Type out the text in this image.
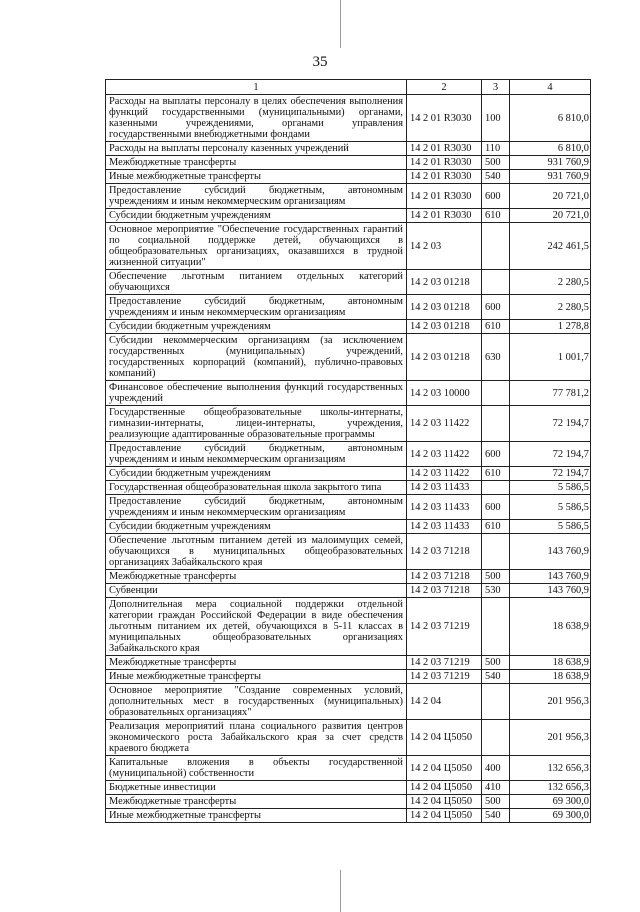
35
1	2	3	4
Расходы на выплаты персоналу в целях обеспечения выполнения функций государственными (муниципальными) органами, казенными учреждениями, органами управления государственными внебюджетными фондами	14 2 01 R3030	100	6 810,0
Расходы на выплаты персоналу казенных учреждений	14 2 01 R3030	110	6 810,0
Межбюджетные трансферты	14 2 01 R3030	500	931 760,9
Иные межбюджетные трансферты	14 2 01 R3030	540	931 760,9
Предоставление субсидий бюджетным, автономным учреждениям и иным некоммерческим организациям	14 2 01 R3030	600	20 721,0
Субсидии бюджетным учреждениям	14 2 01 R3030	610	20 721,0
Основное мероприятие "Обеспечение государственных гарантий по социальной поддержке детей, обучающихся в общеобразовательных организациях, оказавшихся в трудной жизненной ситуации"	14 2 03		242 461,5
Обеспечение льготным питанием отдельных категорий обучающихся	14 2 03 01218		2 280,5
Предоставление субсидий бюджетным, автономным учреждениям и иным некоммерческим организациям	14 2 03 01218	600	2 280,5
Субсидии бюджетным учреждениям	14 2 03 01218	610	1 278,8
Субсидии некоммерческим организациям (за исключением государственных (муниципальных) учреждений, государственных корпораций (компаний), публично-правовых компаний)	14 2 03 01218	630	1 001,7
Финансовое обеспечение выполнения функций государственных учреждений	14 2 03 10000		77 781,2
Государственные общеобразовательные школы-интернаты, гимназии-интернаты, лицеи-интернаты, учреждения, реализующие адаптированные образовательные программы	14 2 03 11422		72 194,7
Предоставление субсидий бюджетным, автономным учреждениям и иным некоммерческим организациям	14 2 03 11422	600	72 194,7
Субсидии бюджетным учреждениям	14 2 03 11422	610	72 194,7
Государственная общеобразовательная школа закрытого типа	14 2 03 11433		5 586,5
Предоставление субсидий бюджетным, автономным учреждениям и иным некоммерческим организациям	14 2 03 11433	600	5 586,5
Субсидии бюджетным учреждениям	14 2 03 11433	610	5 586,5
Обеспечение льготным питанием детей из малоимущих семей, обучающихся в муниципальных общеобразовательных организациях Забайкальского края	14 2 03 71218		143 760,9
Межбюджетные трансферты	14 2 03 71218	500	143 760,9
Субвенции	14 2 03 71218	530	143 760,9
Дополнительная мера социальной поддержки отдельной категории граждан Российской Федерации в виде обеспечения льготным питанием их детей, обучающихся в 5-11 классах в муниципальных общеобразовательных организациях Забайкальского края	14 2 03 71219		18 638,9
Межбюджетные трансферты	14 2 03 71219	500	18 638,9
Иные межбюджетные трансферты	14 2 03 71219	540	18 638,9
Основное мероприятие "Создание современных условий, дополнительных мест в государственных (муниципальных) образовательных организациях"	14 2 04		201 956,3
Реализация мероприятий плана социального развития центров экономического роста Забайкальского края за счет средств краевого бюджета	14 2 04 Ц5050		201 956,3
Капитальные вложения в объекты государственной (муниципальной) собственности	14 2 04 Ц5050	400	132 656,3
Бюджетные инвестиции	14 2 04 Ц5050	410	132 656,3
Межбюджетные трансферты	14 2 04 Ц5050	500	69 300,0
Иные межбюджетные трансферты	14 2 04 Ц5050	540	69 300,0
